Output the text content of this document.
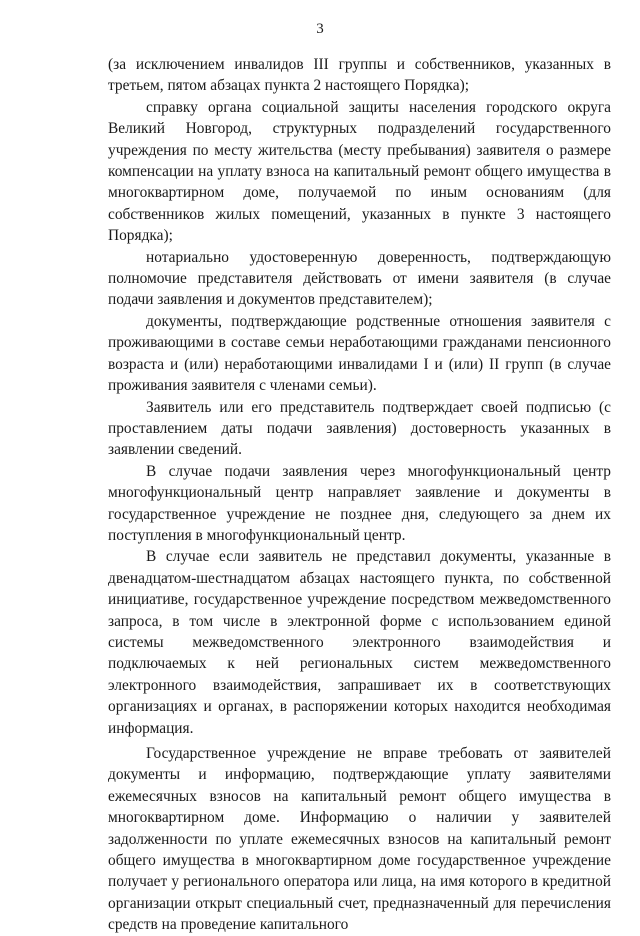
3

(за исключением инвалидов III группы и собственников, указанных в третьем, пятом абзацах пункта 2 настоящего Порядка);

справку органа социальной защиты населения городского округа Великий Новгород, структурных подразделений государственного учреждения по месту жительства (месту пребывания) заявителя о размере компенсации на уплату взноса на капитальный ремонт общего имущества в многоквартирном доме, получаемой по иным основаниям (для собственников жилых помещений, указанных в пункте 3 настоящего Порядка);

нотариально удостоверенную доверенность, подтверждающую полномочие представителя действовать от имени заявителя (в случае подачи заявления и документов представителем);

документы, подтверждающие родственные отношения заявителя с проживающими в составе семьи неработающими гражданами пенсионного возраста и (или) неработающими инвалидами I и (или) II групп (в случае проживания заявителя с членами семьи).

Заявитель или его представитель подтверждает своей подписью (с проставлением даты подачи заявления) достоверность указанных в заявлении сведений.

В случае подачи заявления через многофункциональный центр многофункциональный центр направляет заявление и документы в государственное учреждение не позднее дня, следующего за днем их поступления в многофункциональный центр.

В случае если заявитель не представил документы, указанные в двенадцатом-шестнадцатом абзацах настоящего пункта, по собственной инициативе, государственное учреждение посредством межведомственного запроса, в том числе в электронной форме с использованием единой системы межведомственного электронного взаимодействия и подключаемых к ней региональных систем межведомственного электронного взаимодействия, запрашивает их в соответствующих организациях и органах, в распоряжении которых находится необходимая информация.

Государственное учреждение не вправе требовать от заявителей документы и информацию, подтверждающие уплату заявителями ежемесячных взносов на капитальный ремонт общего имущества в многоквартирном доме. Информацию о наличии у заявителей задолженности по уплате ежемесячных взносов на капитальный ремонт общего имущества в многоквартирном доме государственное учреждение получает у регионального оператора или лица, на имя которого в кредитной организации открыт специальный счет, предназначенный для перечисления средств на проведение капитального
